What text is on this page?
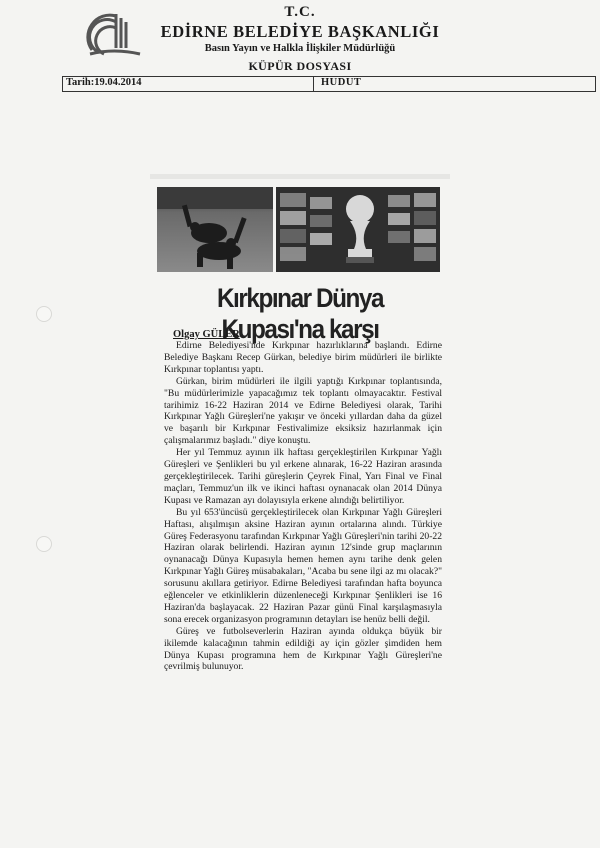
T.C.
EDİRNE BELEDİYE BAŞKANLIĞI
Basın Yayın ve Halkla İlişkiler Müdürlüğü
KÜPÜR DOSYASI
Tarih:19.04.2014	HUDUT
Kırkpınar Dünya Kupası'na karşı
Olgay GÜLER

Edirne Belediyesi'nde Kırkpınar hazırlıklarına başlandı. Edirne Belediye Başkanı Recep Gürkan, belediye birim müdürleri ile birlikte Kırkpınar toplantısı yaptı.

Gürkan, birim müdürleri ile ilgili yaptığı Kırkpınar toplantısında, "Bu müdürlerimizle yapacağımız tek toplantı olmayacaktır. Festival tarihimiz 16-22 Haziran 2014 ve Edirne Belediyesi olarak, Tarihi Kırkpınar Yağlı Güreşleri'ne yakışır ve önceki yıllardan daha da güzel ve başarılı bir Kırkpınar Festivalimize eksiksiz hazırlanmak için çalışmalarımız başladı." diye konuştu.

Her yıl Temmuz ayının ilk haftası gerçekleştirilen Kırkpınar Yağlı Güreşleri ve Şenlikleri bu yıl erkene alınarak, 16-22 Haziran arasında gerçekleştirilecek. Tarihi güreşlerin Çeyrek Final, Yarı Final ve Final maçları, Temmuz'un ilk ve ikinci haftası oynanacak olan 2014 Dünya Kupası ve Ramazan ayı dolayısıyla erkene alındığı belirtiliyor.

Bu yıl 653'üncüsü gerçekleştirilecek olan Kırkpınar Yağlı Güreşleri Haftası, alışılmışın aksine Haziran ayının ortalarına alındı. Türkiye Güreş Federasyonu tarafından Kırkpınar Yağlı Güreşleri'nin tarihi 20-22 Haziran olarak belirlendi. Haziran ayının 12'sinde grup maçlarının oynanacağı Dünya Kupasıyla hemen hemen aynı tarihe denk gelen Kırkpınar Yağlı Güreş müsabakaları, "Acaba bu sene ilgi az mı olacak?" sorusunu akıllara getiriyor. Edirne Belediyesi tarafından hafta boyunca eğlenceler ve etkinliklerin düzenleneceği Kırkpınar Şenlikleri ise 16 Haziran'da başlayacak. 22 Haziran Pazar günü Final karşılaşmasıyla sona erecek organizasyon programının detayları ise henüz belli değil.

Güreş ve futbolseverlerin Haziran ayında oldukça büyük bir ikilemde kalacağının tahmin edildiği ay için gözler şimdiden hem Dünya Kupası programına hem de Kırkpınar Yağlı Güreşleri'ne çevrilmiş bulunuyor.
